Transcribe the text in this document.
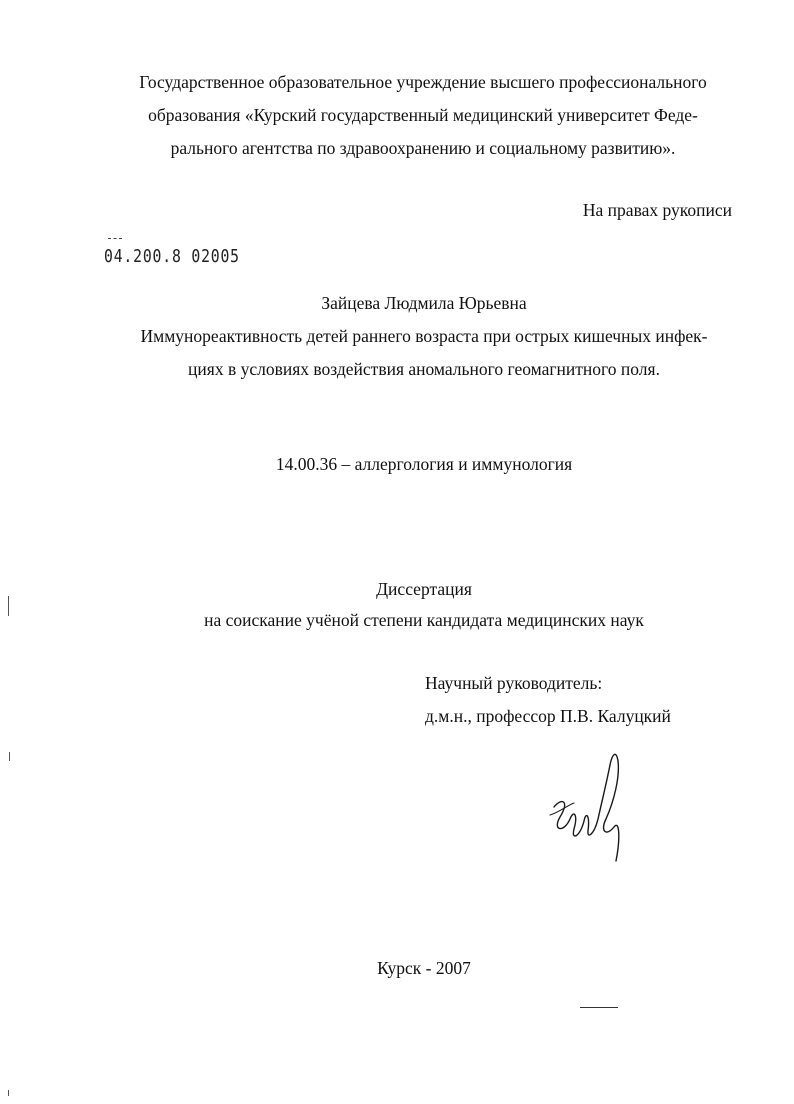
Государственное образовательное учреждение высшего профессионального
образования «Курский государственный медицинский университет Феде-
рального агентства по здравоохранению и социальному развитию».
На правах рукописи
04.200.8 02005
Зайцева Людмила Юрьевна
Иммунореактивность детей раннего возраста при острых кишечных инфек-
циях в условиях воздействия аномального геомагнитного поля.
14.00.36 – аллергология и иммунология
Диссертация
на соискание учёной степени кандидата медицинских наук
Научный руководитель:
д.м.н., профессор П.В. Калуцкий
Курск - 2007
